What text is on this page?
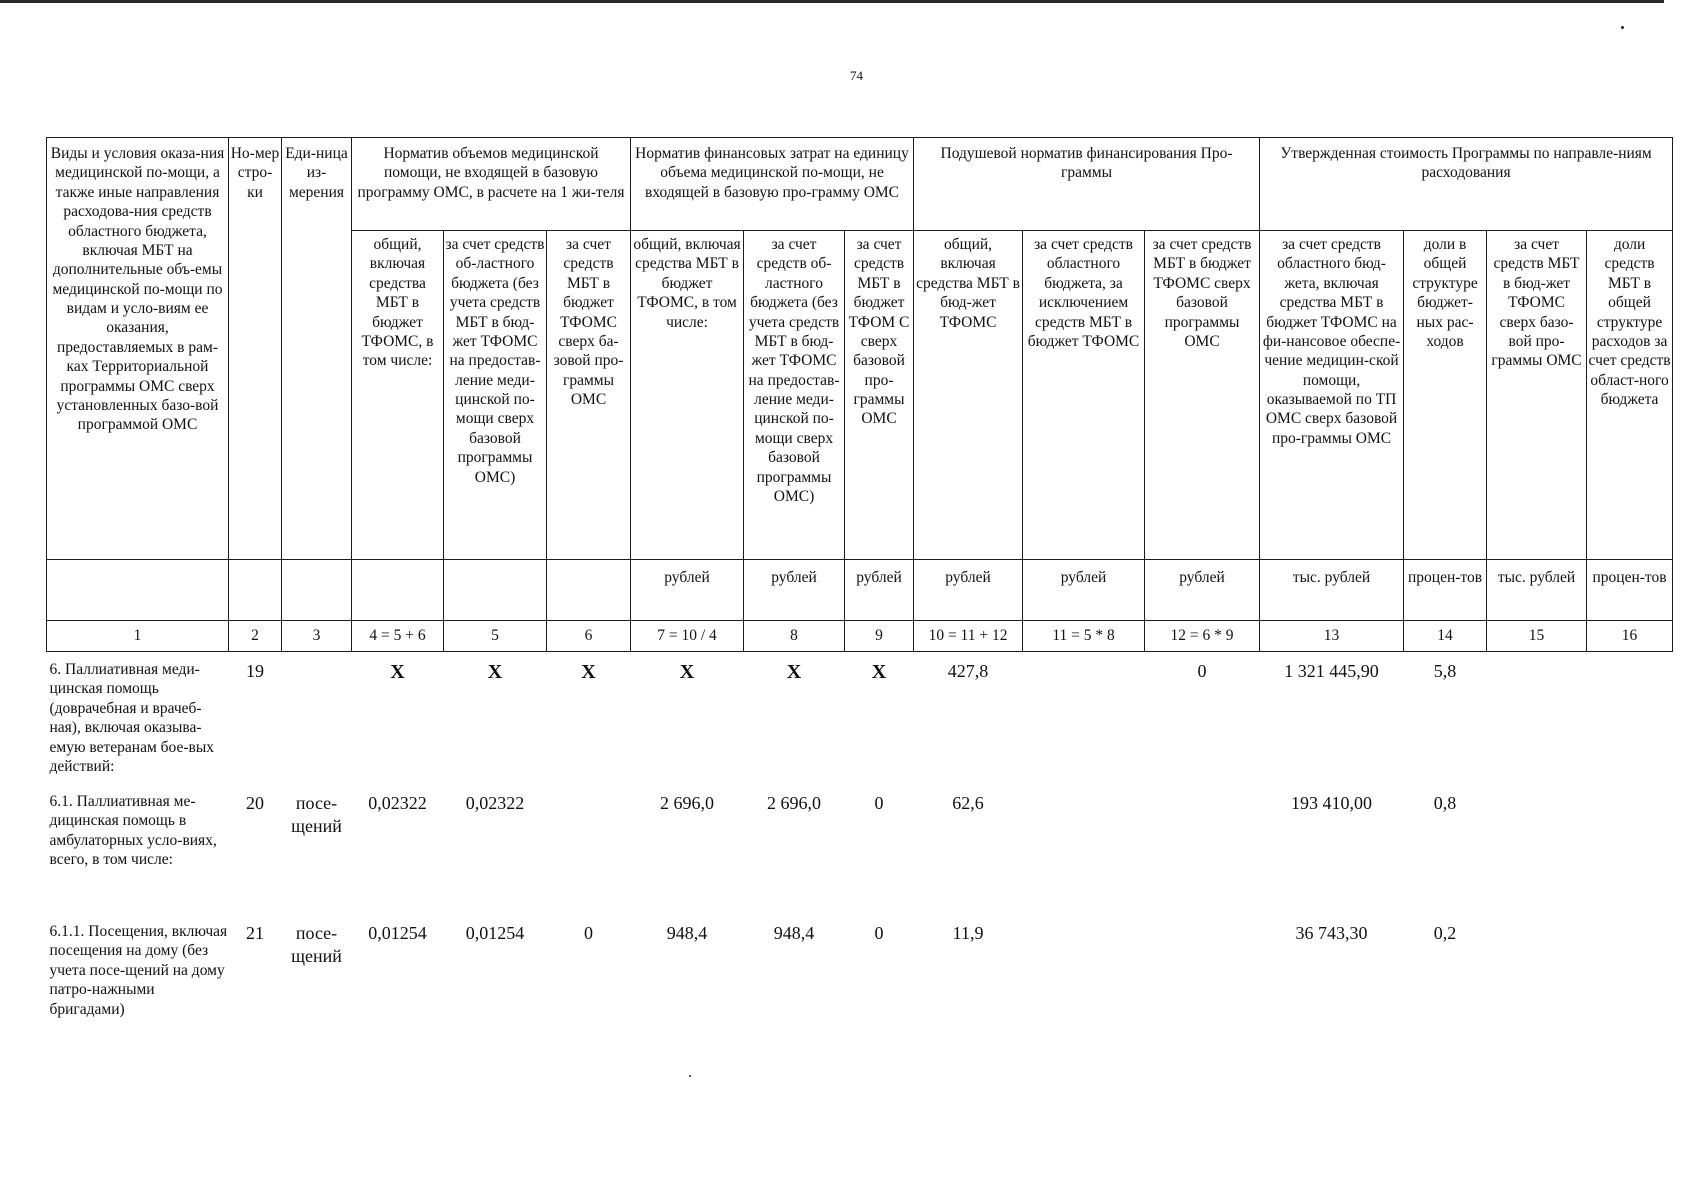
74
Виды и условия оказа-ния медицинской по-мощи, а также иные направления расходова-ния средств областного бюджета, включая МБТ на дополнительные объ-емы медицинской по-мощи по видам и усло-виям ее оказания, предоставляемых в рам-ках Территориальной программы ОМС сверх установленных базо-вой программой ОМС	Но-мер стро-ки	Еди-ница из-мерения	Норматив объемов медицинской помощи, не входящей в базовую программу ОМС, в расчете на 1 жи-теля			Норматив финансовых затрат на единицу объема медицинской по-мощи, не входящей в базовую про-грамму ОМС			Подушевой норматив финансирования Про-граммы			Утвержденная стоимость Программы по направле-ниям расходования			
			общий, включая средства МБТ в бюджет ТФОМС, в том числе:	за счет средств об-ластного бюджета (без учета средств МБТ в бюд-жет ТФОМС на предостав-ление меди-цинской по-мощи сверх базовой программы ОМС)	за счет средств МБТ в бюджет ТФОМС сверх ба-зовой про-граммы ОМС	общий, включая средства МБТ в бюджет ТФОМС, в том числе:	за счет средств об-ластного бюджета (без учета средств МБТ в бюд-жет ТФОМС на предостав-ление меди-цинской по-мощи сверх базовой программы ОМС)	за счет средств МБТ в бюджет ТФОМ С сверх базовой про-граммы ОМС	общий, включая средства МБТ в бюд-жет ТФОМС	за счет средств областного бюджета, за исключением средств МБТ в бюджет ТФОМС	за счет средств МБТ в бюджет ТФОМС сверх базовой программы ОМС	за счет средств областного бюд-жета, включая средства МБТ в бюджет ТФОМС на фи-нансовое обеспе-чение медицин-ской помощи, оказываемой по ТП ОМС сверх базовой про-граммы ОМС	доли в общей структуре бюджет-ных рас-ходов	за счет средств МБТ в бюд-жет ТФОМС сверх базо-вой про-граммы ОМС	доли средств МБТ в общей структуре расходов за счет средств област-ного бюджета
						рублей	рублей	рублей	рублей	рублей	рублей	тыс. рублей	процен-тов	тыс. рублей	процен-тов
1	2	3	4 = 5 + 6	5	6	7 = 10 / 4	8	9	10 = 11 + 12	11 = 5 * 8	12 = 6 * 9	13	14	15	16
6. Паллиативная меди-цинская помощь (доврачебная и врачеб-ная), включая оказыва-емую ветеранам бое-вых действий:	19		X	X	X	X	X	X	427,8		0	1 321 445,90	5,8		
6.1. Паллиативная ме-дицинская помощь в амбулаторных усло-виях, всего, в том числе:	20	посе-щений	0,02322	0,02322		2 696,0	2 696,0	0	62,6			193 410,00	0,8		
6.1.1. Посещения, включая посещения на дому (без учета посе-щений на дому патро-нажными бригадами)	21	посе-щений	0,01254	0,01254	0	948,4	948,4	0	11,9			36 743,30	0,2		
